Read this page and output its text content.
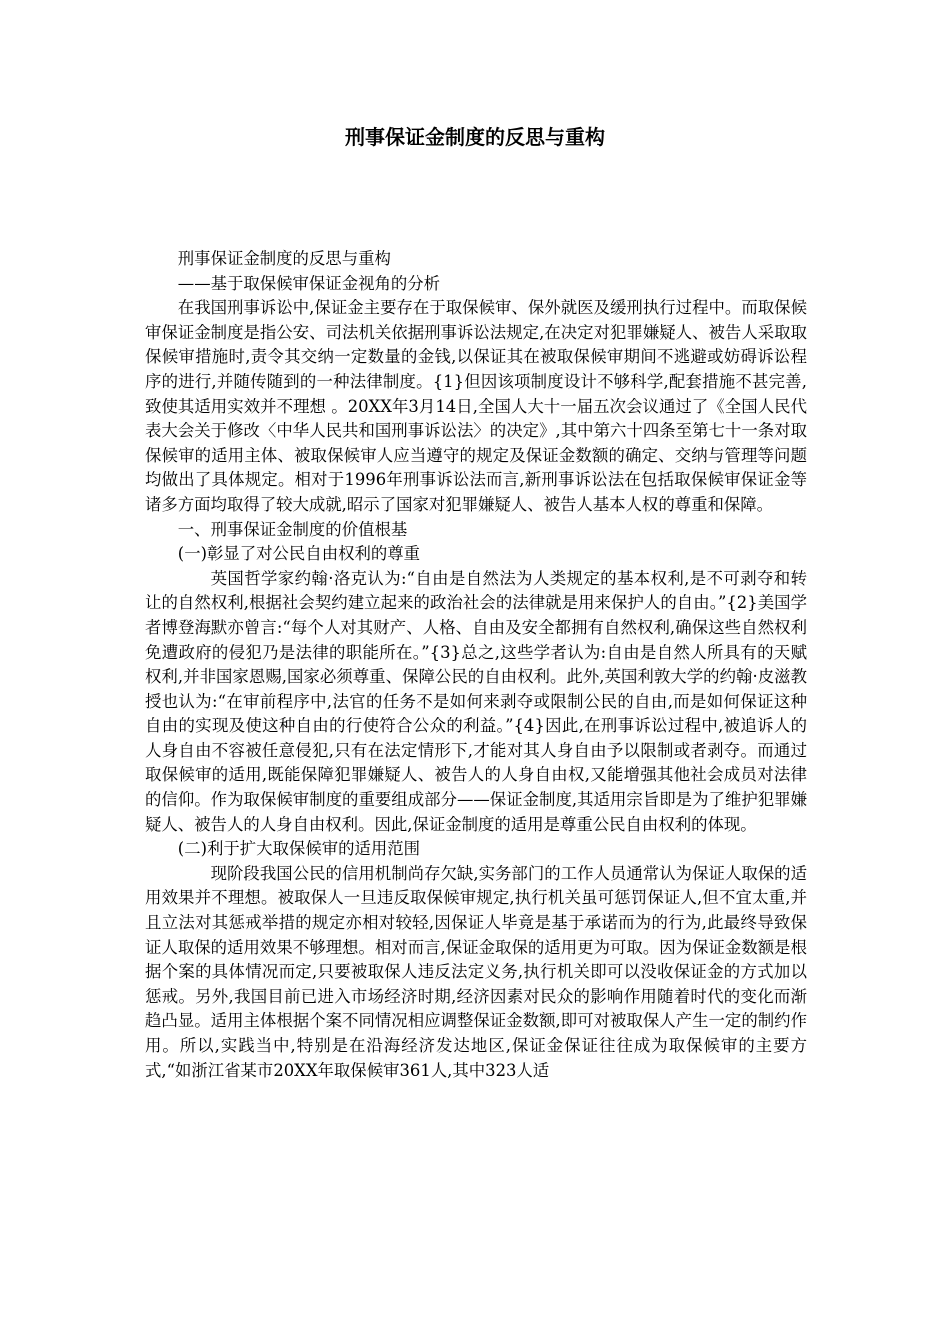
刑事保证金制度的反思与重构

刑事保证金制度的反思与重构

——基于取保候审保证金视角的分析

在我国刑事诉讼中,保证金主要存在于取保候审、保外就医及缓刑执行过程中。而取保候审保证金制度是指公安、司法机关依据刑事诉讼法规定,在决定对犯罪嫌疑人、被告人采取取保候审措施时,责令其交纳一定数量的金钱,以保证其在被取保候审期间不逃避或妨碍诉讼程序的进行,并随传随到的一种法律制度。{1}但因该项制度设计不够科学,配套措施不甚完善,致使其适用实效并不理想 。20XX年3月14日,全国人大十一届五次会议通过了《全国人民代表大会关于修改〈中华人民共和国刑事诉讼法〉的决定》,其中第六十四条至第七十一条对取保候审的适用主体、被取保候审人应当遵守的规定及保证金数额的确定、交纳与管理等问题均做出了具体规定。相对于1996年刑事诉讼法而言,新刑事诉讼法在包括取保候审保证金等诸多方面均取得了较大成就,昭示了国家对犯罪嫌疑人、被告人基本人权的尊重和保障。

一、刑事保证金制度的价值根基

(一)彰显了对公民自由权利的尊重

英国哲学家约翰·洛克认为:“自由是自然法为人类规定的基本权利,是不可剥夺和转让的自然权利,根据社会契约建立起来的政治社会的法律就是用来保护人的自由。”{2}美国学者博登海默亦曾言:“每个人对其财产、人格、自由及安全都拥有自然权利,确保这些自然权利免遭政府的侵犯乃是法律的职能所在。”{3}总之,这些学者认为:自由是自然人所具有的天赋权利,并非国家恩赐,国家必须尊重、保障公民的自由权利。此外,英国利敦大学的约翰·皮滋教授也认为:“在审前程序中,法官的任务不是如何来剥夺或限制公民的自由,而是如何保证这种自由的实现及使这种自由的行使符合公众的利益。”{4}因此,在刑事诉讼过程中,被追诉人的人身自由不容被任意侵犯,只有在法定情形下,才能对其人身自由予以限制或者剥夺。而通过取保候审的适用,既能保障犯罪嫌疑人、被告人的人身自由权,又能增强其他社会成员对法律的信仰。作为取保候审制度的重要组成部分——保证金制度,其适用宗旨即是为了维护犯罪嫌疑人、被告人的人身自由权利。因此,保证金制度的适用是尊重公民自由权利的体现。

(二)利于扩大取保候审的适用范围

现阶段我国公民的信用机制尚存欠缺,实务部门的工作人员通常认为保证人取保的适用效果并不理想。被取保人一旦违反取保候审规定,执行机关虽可惩罚保证人,但不宜太重,并且立法对其惩戒举措的规定亦相对较轻,因保证人毕竟是基于承诺而为的行为,此最终导致保证人取保的适用效果不够理想。相对而言,保证金取保的适用更为可取。因为保证金数额是根据个案的具体情况而定,只要被取保人违反法定义务,执行机关即可以没收保证金的方式加以惩戒。另外,我国目前已进入市场经济时期,经济因素对民众的影响作用随着时代的变化而渐趋凸显。适用主体根据个案不同情况相应调整保证金数额,即可对被取保人产生一定的制约作用。所以,实践当中,特别是在沿海经济发达地区,保证金保证往往成为取保候审的主要方式,“如浙江省某市20XX年取保候审361人,其中323人适
